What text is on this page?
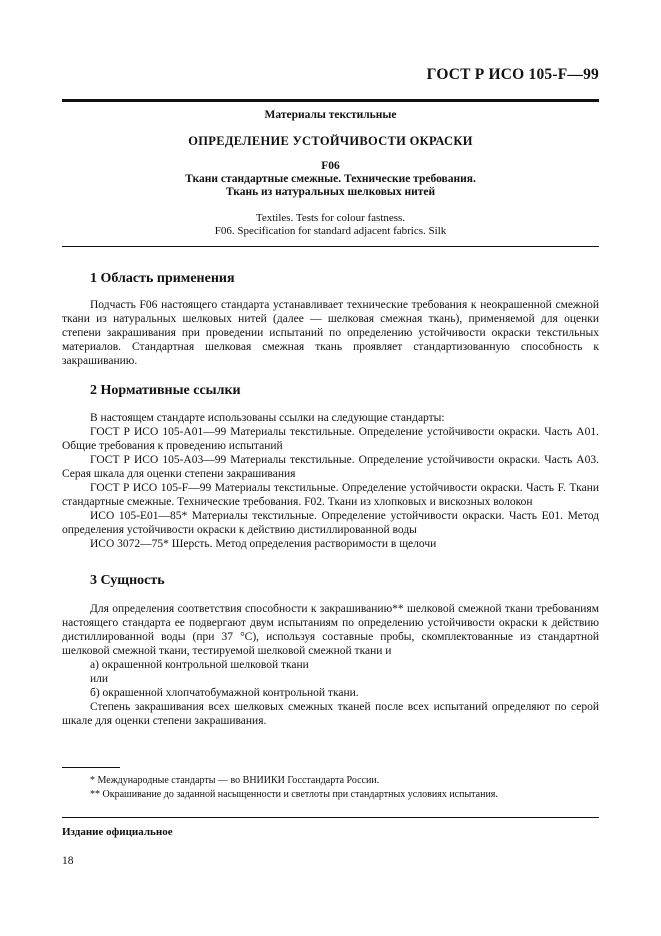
ГОСТ Р ИСО 105-F—99
Материалы текстильные
ОПРЕДЕЛЕНИЕ УСТОЙЧИВОСТИ ОКРАСКИ
F06
Ткани стандартные смежные. Технические требования.
Ткань из натуральных шелковых нитей
Textiles. Tests for colour fastness.
F06. Specification for standard adjacent fabrics. Silk
1 Область применения
Подчасть F06 настоящего стандарта устанавливает технические требования к неокрашенной смежной ткани из натуральных шелковых нитей (далее — шелковая смежная ткань), применяемой для оценки степени закрашивания при проведении испытаний по определению устойчивости окраски текстильных материалов. Стандартная шелковая смежная ткань проявляет стандартизованную способность к закрашиванию.
2 Нормативные ссылки
В настоящем стандарте использованы ссылки на следующие стандарты:
ГОСТ Р ИСО 105-A01—99 Материалы текстильные. Определение устойчивости окраски. Часть A01. Общие требования к проведению испытаний
ГОСТ Р ИСО 105-A03—99 Материалы текстильные. Определение устойчивости окраски. Часть A03. Серая шкала для оценки степени закрашивания
ГОСТ Р ИСО 105-F—99 Материалы текстильные. Определение устойчивости окраски. Часть F. Ткани стандартные смежные. Технические требования. F02. Ткани из хлопковых и вискозных волокон
ИСО 105-E01—85* Материалы текстильные. Определение устойчивости окраски. Часть E01. Метод определения устойчивости окраски к действию дистиллированной воды
ИСО 3072—75* Шерсть. Метод определения растворимости в щелочи
3 Сущность
Для определения соответствия способности к закрашиванию** шелковой смежной ткани требованиям настоящего стандарта ее подвергают двум испытаниям по определению устойчивости окраски к действию дистиллированной воды (при 37 °С), используя составные пробы, скомплектованные из стандартной шелковой смежной ткани, тестируемой шелковой смежной ткани и
а) окрашенной контрольной шелковой ткани
или
б) окрашенной хлопчатобумажной контрольной ткани.
Степень закрашивания всех шелковых смежных тканей после всех испытаний определяют по серой шкале для оценки степени закрашивания.
* Международные стандарты — во ВНИИКИ Госстандарта России.
** Окрашивание до заданной насыщенности и светлоты при стандартных условиях испытания.
Издание официальное
18
